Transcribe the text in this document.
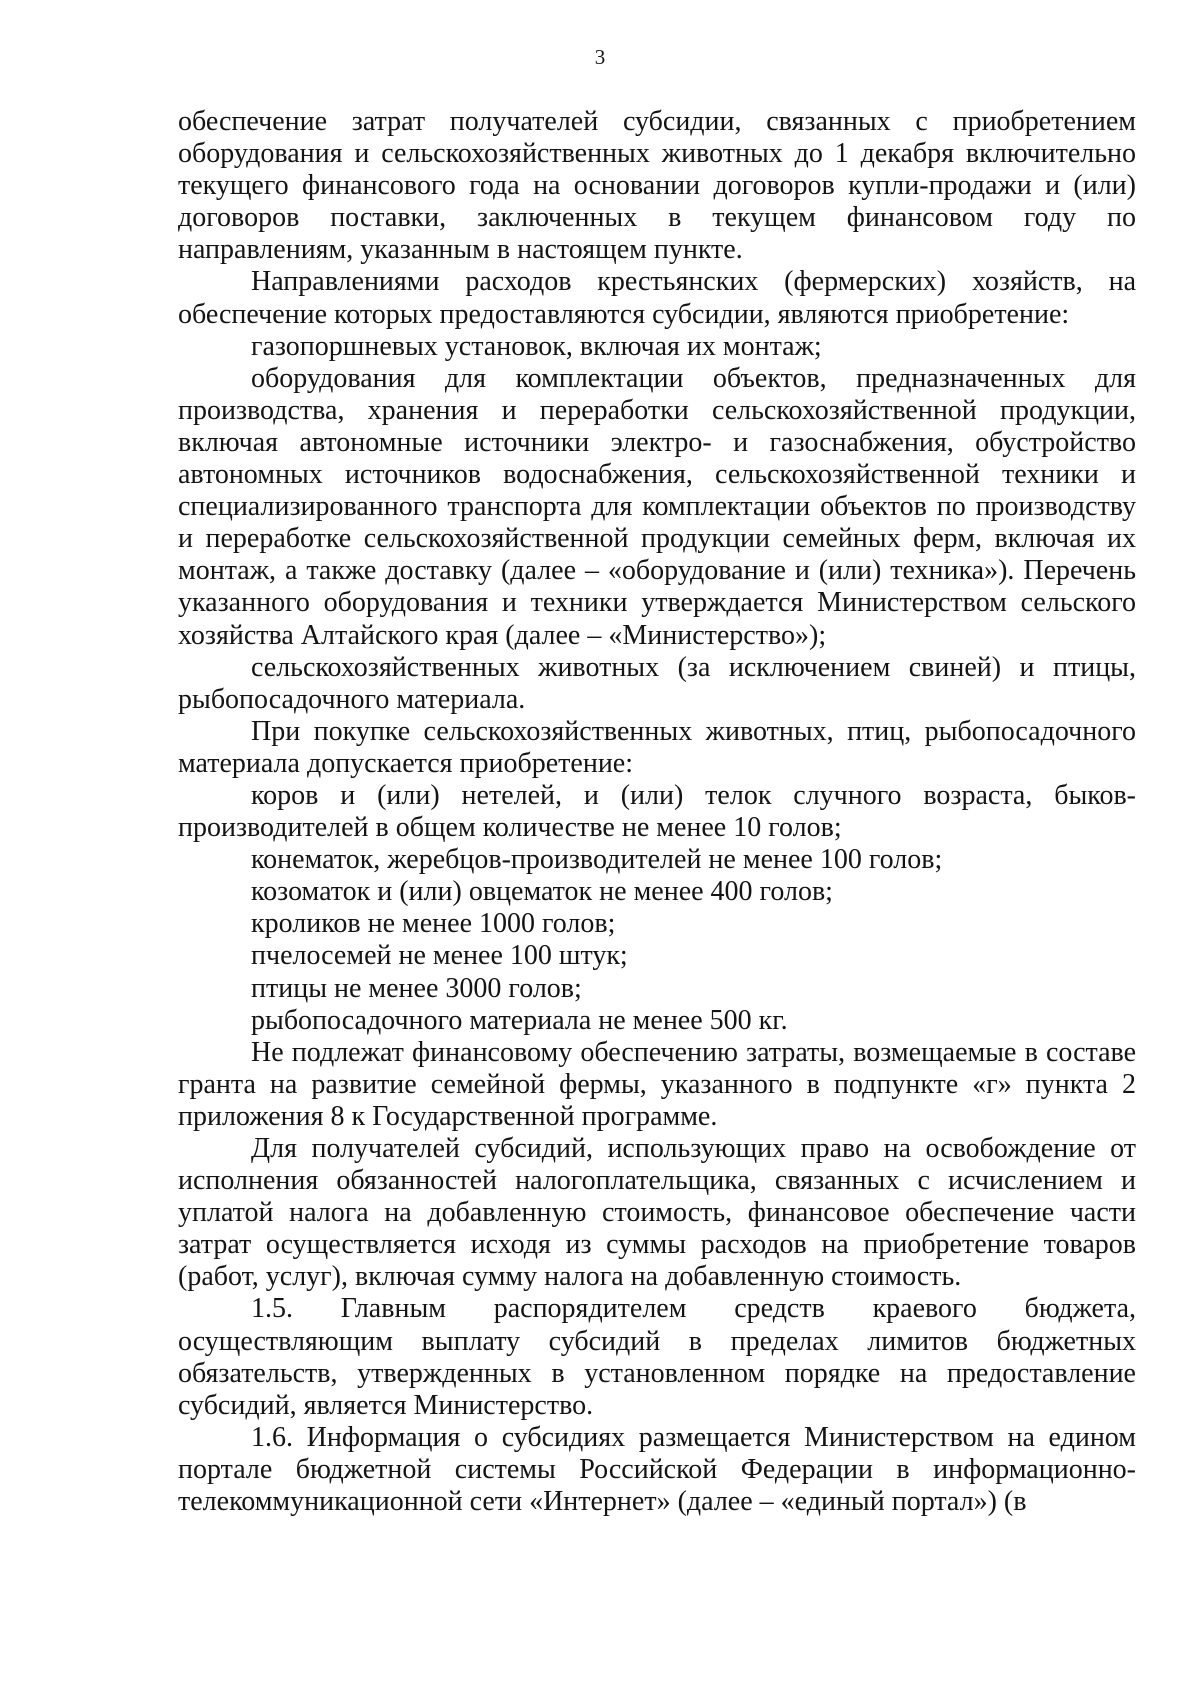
3

обеспечение затрат получателей субсидии, связанных с приобретением оборудования и сельскохозяйственных животных до 1 декабря включительно текущего финансового года на основании договоров купли-продажи и (или) договоров поставки, заключенных в текущем финансовом году по направлениям, указанным в настоящем пункте.

Направлениями расходов крестьянских (фермерских) хозяйств, на обеспечение которых предоставляются субсидии, являются приобретение:

газопоршневых установок, включая их монтаж;

оборудования для комплектации объектов, предназначенных для производства, хранения и переработки сельскохозяйственной продукции, включая автономные источники электро- и газоснабжения, обустройство автономных источников водоснабжения, сельскохозяйственной техники и специализированного транспорта для комплектации объектов по производству и переработке сельскохозяйственной продукции семейных ферм, включая их монтаж, а также доставку (далее – «оборудование и (или) техника»). Перечень указанного оборудования и техники утверждается Министерством сельского хозяйства Алтайского края (далее – «Министерство»);

сельскохозяйственных животных (за исключением свиней) и птицы, рыбопосадочного материала.

При покупке сельскохозяйственных животных, птиц, рыбопосадочного материала допускается приобретение:

коров и (или) нетелей, и (или) телок случного возраста, быков-производителей в общем количестве не менее 10 голов;

конематок, жеребцов-производителей не менее 100 голов;

козоматок и (или) овцематок не менее 400 голов;

кроликов не менее 1000 голов;

пчелосемей не менее 100 штук;

птицы не менее 3000 голов;

рыбопосадочного материала не менее 500 кг.

Не подлежат финансовому обеспечению затраты, возмещаемые в составе гранта на развитие семейной фермы, указанного в подпункте «г» пункта 2 приложения 8 к Государственной программе.

Для получателей субсидий, использующих право на освобождение от исполнения обязанностей налогоплательщика, связанных с исчислением и уплатой налога на добавленную стоимость, финансовое обеспечение части затрат осуществляется исходя из суммы расходов на приобретение товаров (работ, услуг), включая сумму налога на добавленную стоимость.

1.5. Главным распорядителем средств краевого бюджета, осуществляющим выплату субсидий в пределах лимитов бюджетных обязательств, утвержденных в установленном порядке на предоставление субсидий, является Министерство.

1.6. Информация о субсидиях размещается Министерством на едином портале бюджетной системы Российской Федерации в информационно-телекоммуникационной сети «Интернет» (далее – «единый портал») (в
